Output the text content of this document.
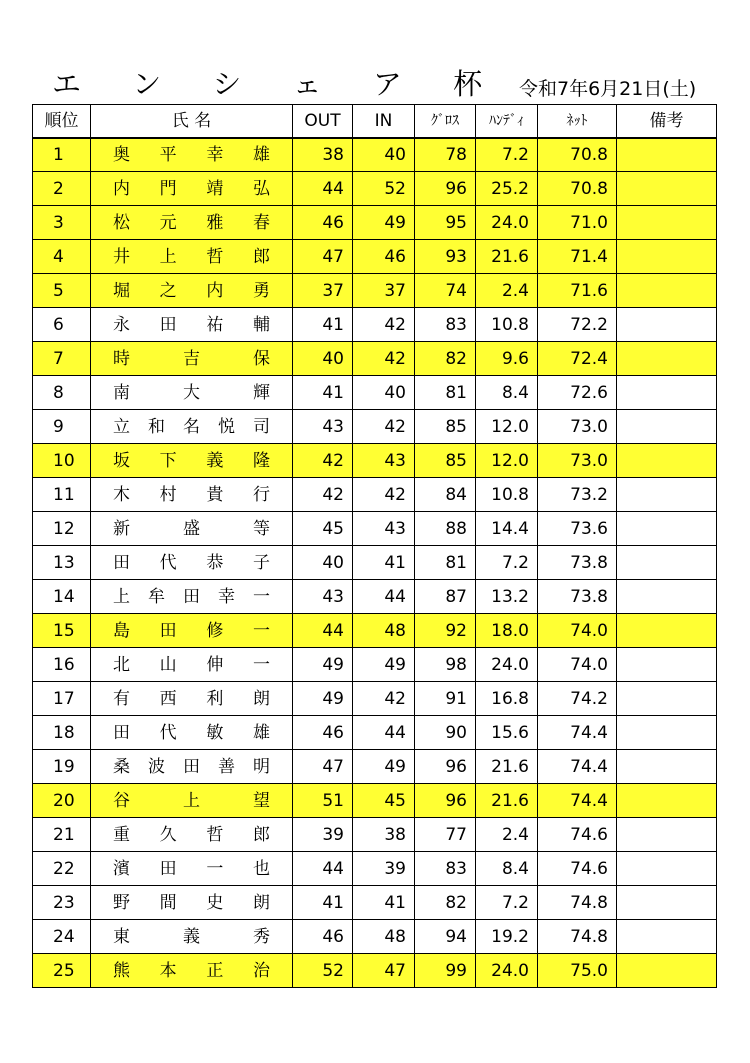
エ ン シ ェ ア 杯 令和7年6月21日(土)
順位	氏 名	OUT	IN	ｸﾞﾛｽ	ﾊﾝﾃﾞｨ	ﾈｯﾄ	備考
1	奥 平 幸 雄	38	40	78	7.2	70.8	
2	内 門 靖 弘	44	52	96	25.2	70.8	
3	松 元 雅 春	46	49	95	24.0	71.0	
4	井 上 哲 郎	47	46	93	21.6	71.4	
5	堀 之 内 勇	37	37	74	2.4	71.6	
6	永 田 祐 輔	41	42	83	10.8	72.2	
7	時 吉 保	40	42	82	9.6	72.4	
8	南 大 輝	41	40	81	8.4	72.6	
9	立 和 名 悦 司	43	42	85	12.0	73.0	
10	坂 下 義 隆	42	43	85	12.0	73.0	
11	木 村 貴 行	42	42	84	10.8	73.2	
12	新 盛 等	45	43	88	14.4	73.6	
13	田 代 恭 子	40	41	81	7.2	73.8	
14	上 牟 田 幸 一	43	44	87	13.2	73.8	
15	島 田 修 一	44	48	92	18.0	74.0	
16	北 山 伸 一	49	49	98	24.0	74.0	
17	有 西 利 朗	49	42	91	16.8	74.2	
18	田 代 敏 雄	46	44	90	15.6	74.4	
19	桑 波 田 善 明	47	49	96	21.6	74.4	
20	谷 上 望	51	45	96	21.6	74.4	
21	重 久 哲 郎	39	38	77	2.4	74.6	
22	濱 田 一 也	44	39	83	8.4	74.6	
23	野 間 史 朗	41	41	82	7.2	74.8	
24	東 義 秀	46	48	94	19.2	74.8	
25	熊 本 正 治	52	47	99	24.0	75.0	
